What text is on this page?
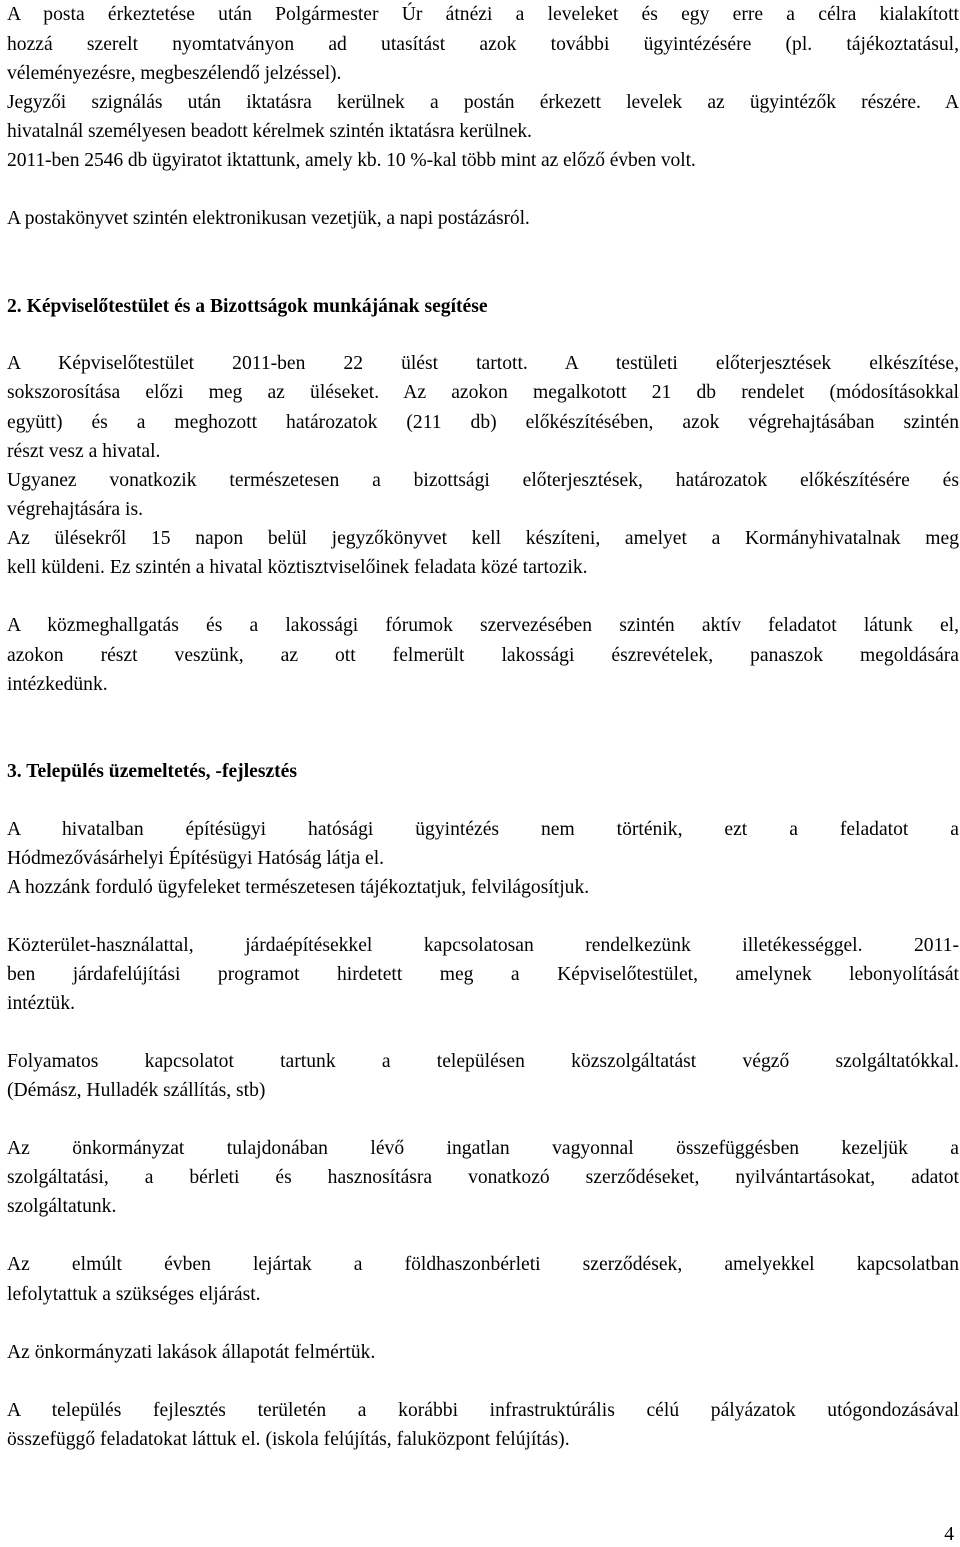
A posta érkeztetése után Polgármester Úr átnézi a leveleket és egy erre a célra kialakított
hozzá szerelt nyomtatványon ad utasítást azok további ügyintézésére (pl. tájékoztatásul,
véleményezésre, megbeszélendő jelzéssel).
Jegyzői szignálás után iktatásra kerülnek a postán érkezett levelek az ügyintézők részére. A
hivatalnál személyesen beadott kérelmek szintén iktatásra kerülnek.
2011-ben 2546 db ügyiratot iktattunk, amely kb. 10 %-kal több mint az előző évben volt.
A postakönyvet szintén elektronikusan vezetjük, a napi postázásról.
2. Képviselőtestület és a Bizottságok munkájának segítése
A Képviselőtestület 2011-ben 22 ülést tartott. A testületi előterjesztések elkészítése,
sokszorosítása előzi meg az üléseket. Az azokon megalkotott 21 db rendelet (módosításokkal
együtt) és a meghozott határozatok (211 db) előkészítésében, azok végrehajtásában szintén
részt vesz a hivatal.
Ugyanez vonatkozik természetesen a bizottsági előterjesztések, határozatok előkészítésére és
végrehajtására is.
Az ülésekről 15 napon belül jegyzőkönyvet kell készíteni, amelyet a Kormányhivatalnak meg
kell küldeni. Ez szintén a hivatal köztisztviselőinek feladata közé tartozik.
A közmeghallgatás és a lakossági fórumok szervezésében szintén aktív feladatot látunk el,
azokon részt veszünk, az ott felmerült lakossági észrevételek, panaszok megoldására
intézkedünk.
3. Település üzemeltetés, -fejlesztés
A hivatalban építésügyi hatósági ügyintézés nem történik, ezt a feladatot a
Hódmezővásárhelyi Építésügyi Hatóság látja el.
A hozzánk forduló ügyfeleket természetesen tájékoztatjuk, felvilágosítjuk.
Közterület-használattal, járdaépítésekkel kapcsolatosan rendelkezünk illetékességgel. 2011-
ben járdafelújítási programot hirdetett meg a Képviselőtestület, amelynek lebonyolítását
intéztük.
Folyamatos kapcsolatot tartunk a településen közszolgáltatást végző szolgáltatókkal.
(Démász, Hulladék szállítás, stb)
Az önkormányzat tulajdonában lévő ingatlan vagyonnal összefüggésben kezeljük a
szolgáltatási, a bérleti és hasznosításra vonatkozó szerződéseket, nyilvántartásokat, adatot
szolgáltatunk.
Az elmúlt évben lejártak a földhaszonbérleti szerződések, amelyekkel kapcsolatban
lefolytattuk a szükséges eljárást.
Az önkormányzati lakások állapotát felmértük.
A település fejlesztés területén a korábbi infrastruktúrális célú pályázatok utógondozásával
összefüggő feladatokat láttuk el. (iskola felújítás, faluközpont felújítás).
4
